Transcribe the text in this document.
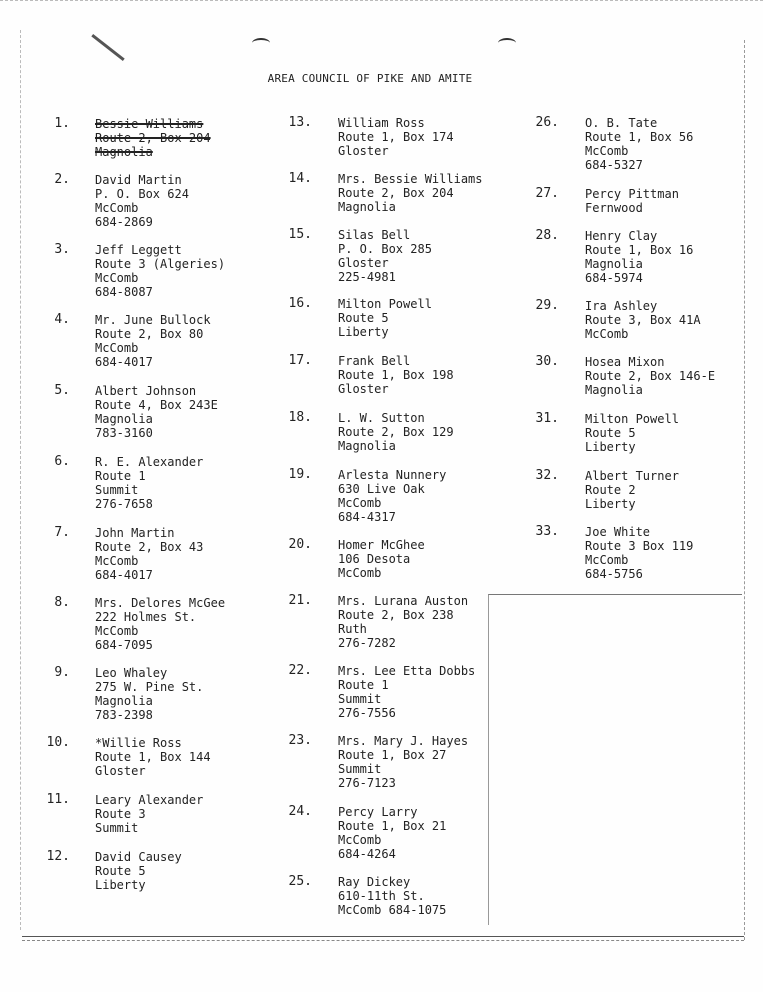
AREA COUNCIL OF PIKE AND AMITE
1. Bessie Williams
Route 2, Box 204
Magnolia
2. David Martin
P. O. Box 624
McComb
684-2869
3. Jeff Leggett
Route 3 (Algeries)
McComb
684-8087
4. Mr. June Bullock
Route 2, Box 80
McComb
684-4017
5. Albert Johnson
Route 4, Box 243E
Magnolia
783-3160
6. R. E. Alexander
Route 1
Summit
276-7658
7. John Martin
Route 2, Box 43
McComb
684-4017
8. Mrs. Delores McGee
222 Holmes St.
McComb
684-7095
9. Leo Whaley
275 W. Pine St.
Magnolia
783-2398
10. *Willie Ross
Route 1, Box 144
Gloster
11. Leary Alexander
Route 3
Summit
12. David Causey
Route 5
Liberty
13. William Ross
Route 1, Box 174
Gloster
14. Mrs. Bessie Williams
Route 2, Box 204
Magnolia
15. Silas Bell
P. O. Box 285
Gloster
225-4981
16. Milton Powell
Route 5
Liberty
17. Frank Bell
Route 1, Box 198
Gloster
18. L. W. Sutton
Route 2, Box 129
Magnolia
19. Arlesta Nunnery
630 Live Oak
McComb
684-4317
20. Homer McGhee
106 Desota
McComb
21. Mrs. Lurana Auston
Route 2, Box 238
Ruth
276-7282
22. Mrs. Lee Etta Dobbs
Route 1
Summit
276-7556
23. Mrs. Mary J. Hayes
Route 1, Box 27
Summit
276-7123
24. Percy Larry
Route 1, Box 21
McComb
684-4264
25. Ray Dickey
610-11th St.
McComb 684-1075
26. O. B. Tate
Route 1, Box 56
McComb
684-5327
27. Percy Pittman
Fernwood
28. Henry Clay
Route 1, Box 16
Magnolia
684-5974
29. Ira Ashley
Route 3, Box 41A
McComb
30. Hosea Mixon
Route 2, Box 146-E
Magnolia
31. Milton Powell
Route 5
Liberty
32. Albert Turner
Route 2
Liberty
33. Joe White
Route 3 Box 119
McComb
684-5756
